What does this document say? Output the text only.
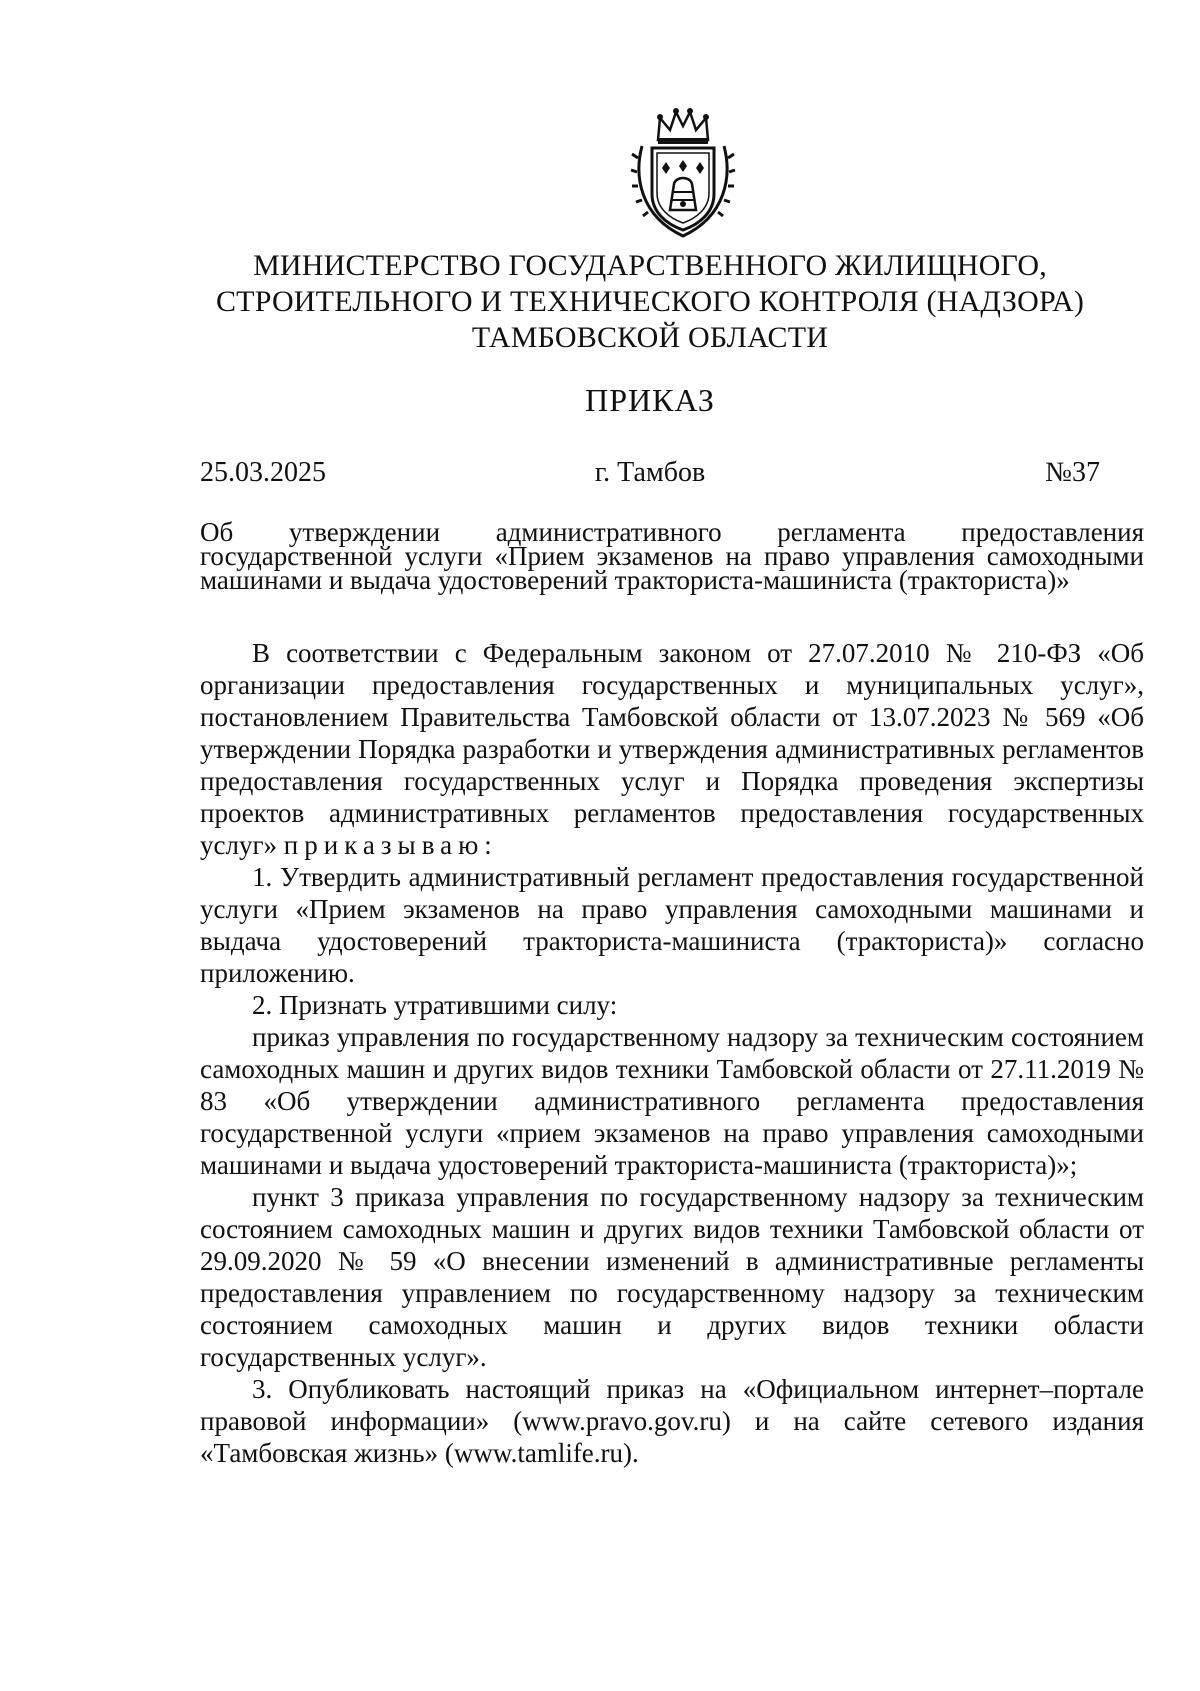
МИНИСТЕРСТВО ГОСУДАРСТВЕННОГО ЖИЛИЩНОГО,
СТРОИТЕЛЬНОГО И ТЕХНИЧЕСКОГО КОНТРОЛЯ (НАДЗОРА)
ТАМБОВСКОЙ ОБЛАСТИ
ПРИКАЗ
г. Тамбов
25.03.2025	№37
Об утверждении административного регламента предоставления государственной услуги «Прием экзаменов на право управления самоходными машинами и выдача удостоверений тракториста-машиниста (тракториста)»

В соответствии с Федеральным законом от 27.07.2010 № 210-ФЗ «Об организации предоставления государственных и муниципальных услуг», постановлением Правительства Тамбовской области от 13.07.2023 № 569 «Об утверждении Порядка разработки и утверждения административных регламентов предоставления государственных услуг и Порядка проведения экспертизы проектов административных регламентов предоставления государственных услуг» приказываю:

1. Утвердить административный регламент предоставления государственной услуги «Прием экзаменов на право управления самоходными машинами и выдача удостоверений тракториста-машиниста (тракториста)» согласно приложению.

2. Признать утратившими силу:

приказ управления по государственному надзору за техническим состоянием самоходных машин и других видов техники Тамбовской области от 27.11.2019 № 83 «Об утверждении административного регламента предоставления государственной услуги «прием экзаменов на право управления самоходными машинами и выдача удостоверений тракториста-машиниста (тракториста)»;

пункт 3 приказа управления по государственному надзору за техническим состоянием самоходных машин и других видов техники Тамбовской области от 29.09.2020 № 59 «О внесении изменений в административные регламенты предоставления управлением по государственному надзору за техническим состоянием самоходных машин и других видов техники области государственных услуг».

3. Опубликовать настоящий приказ на «Официальном интернет–портале правовой информации» (www.pravo.gov.ru) и на сайте сетевого издания «Тамбовская жизнь» (www.tamlife.ru).
